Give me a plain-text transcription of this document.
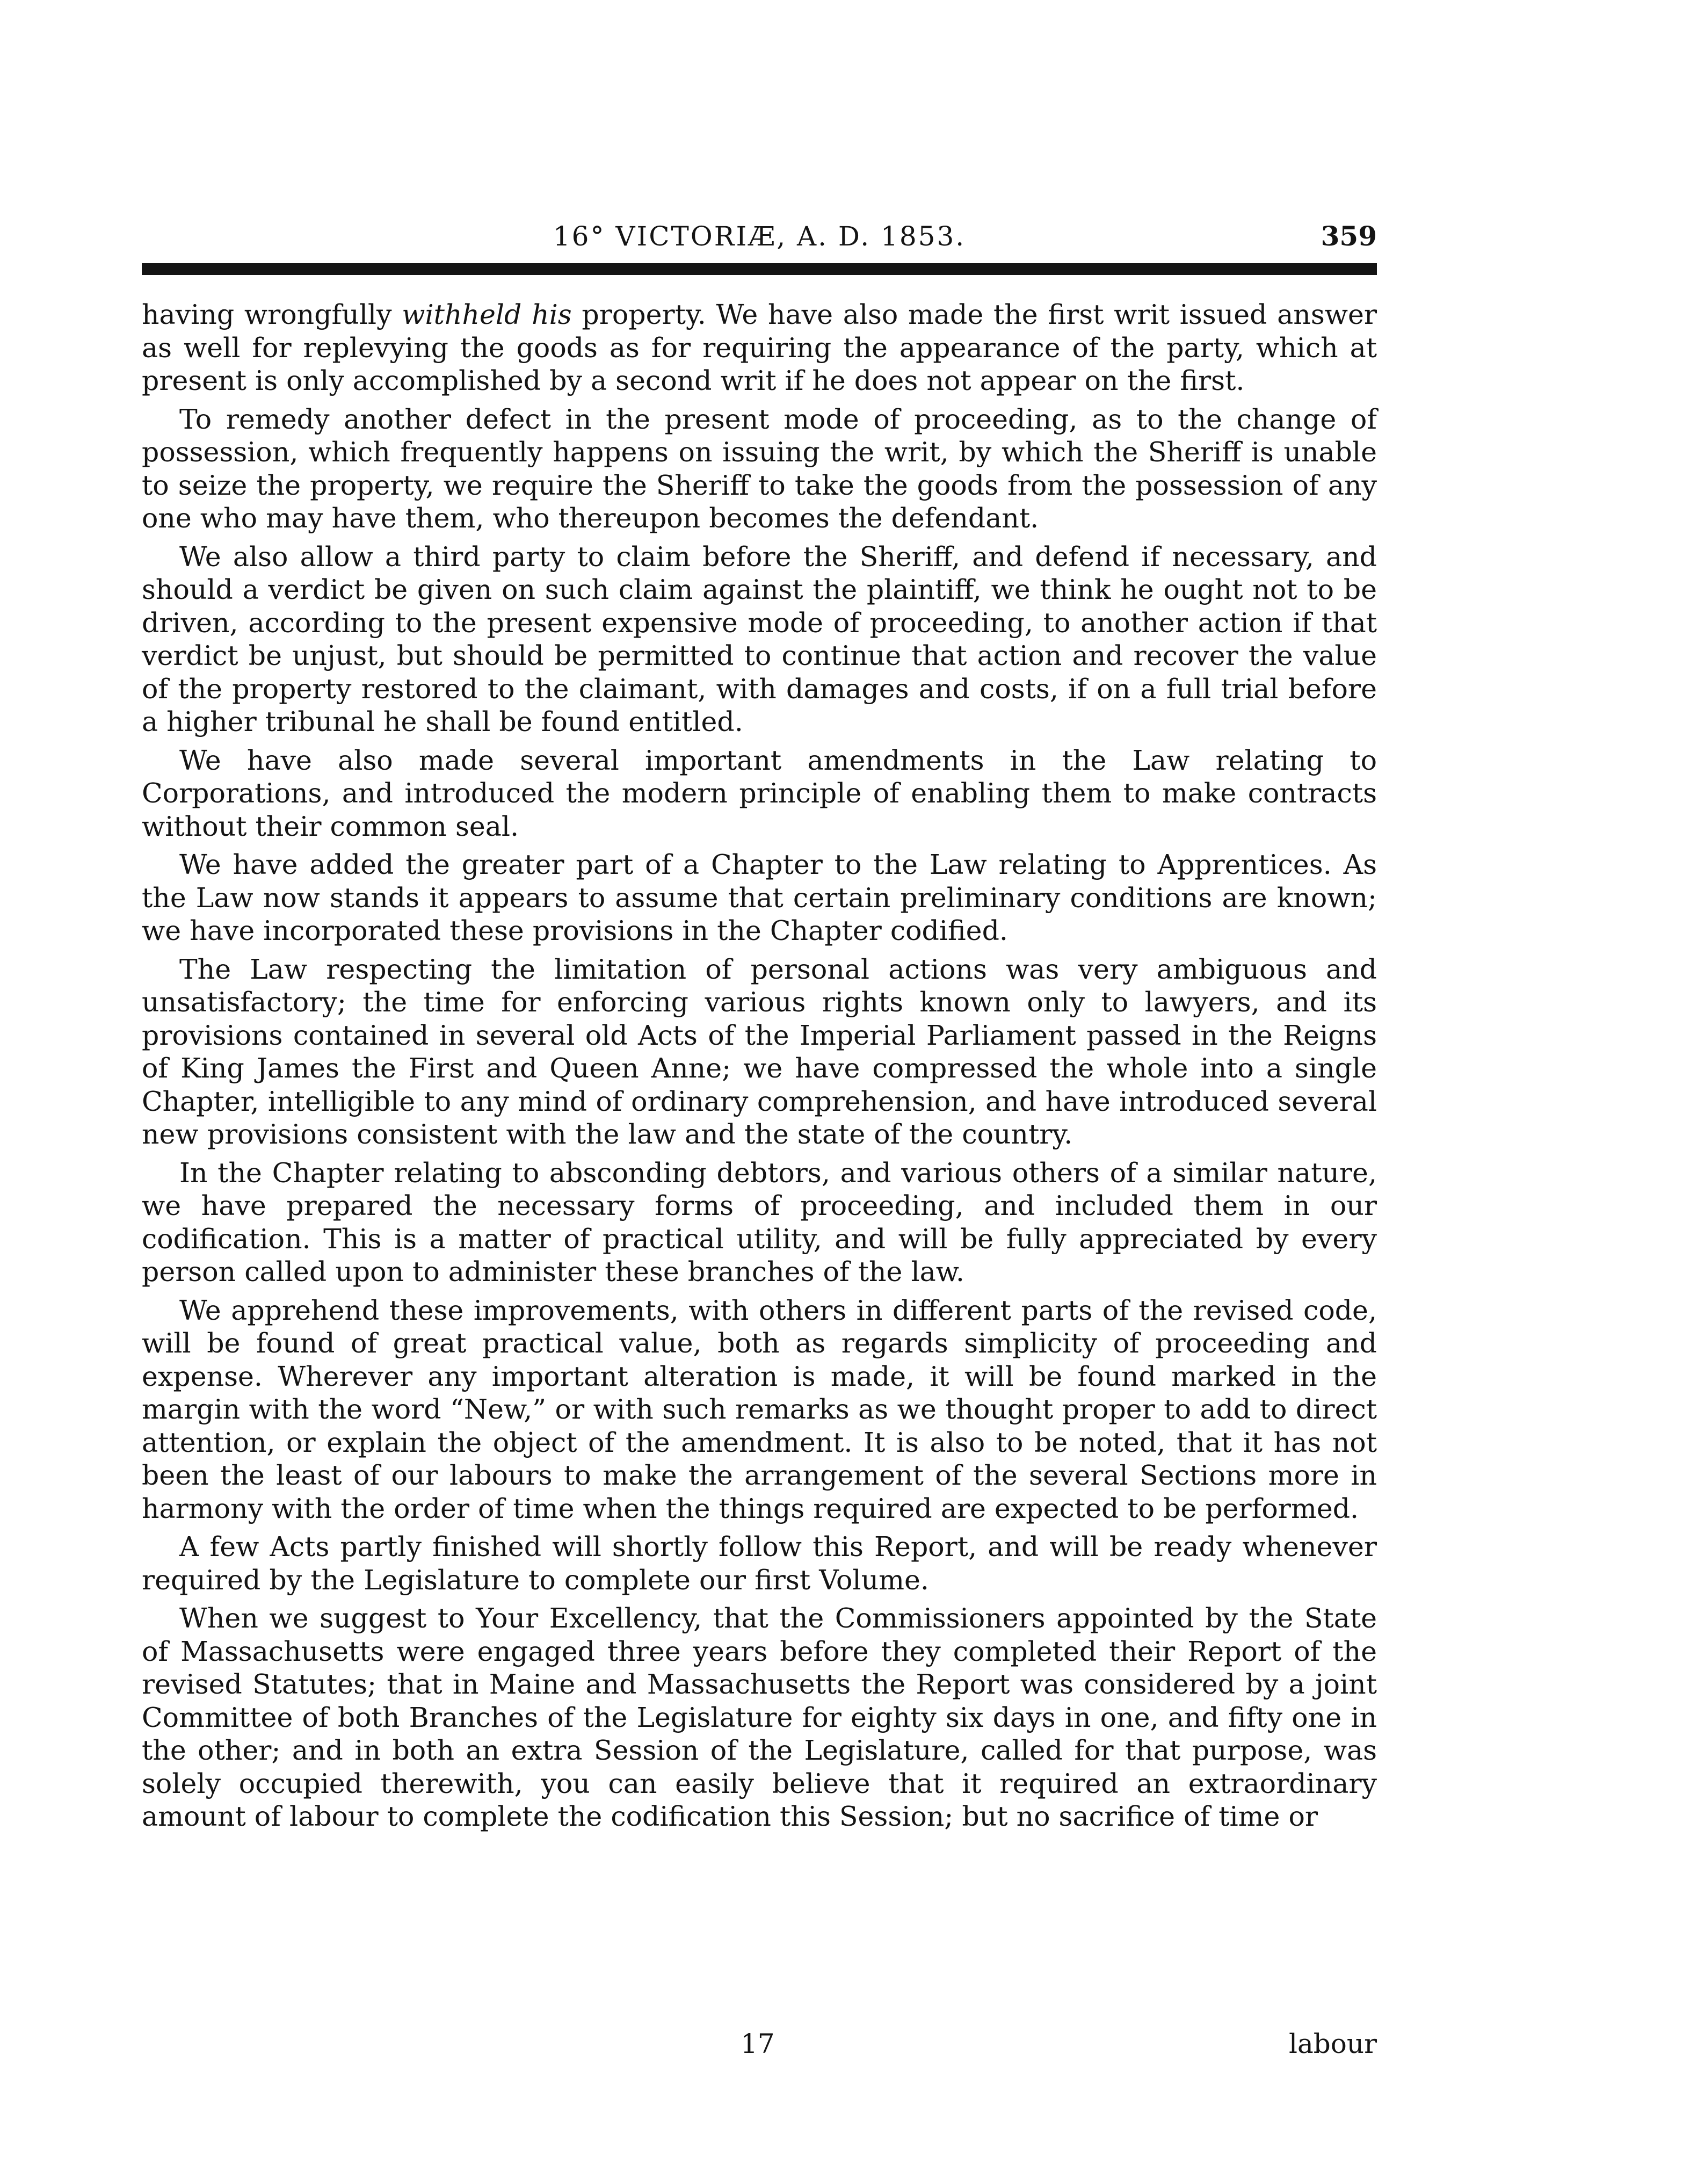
16° VICTORIÆ, A. D. 1853.	359

having wrongfully withheld his property. We have also made the first writ issued answer as well for replevying the goods as for requiring the appearance of the party, which at present is only accomplished by a second writ if he does not appear on the first.

To remedy another defect in the present mode of proceeding, as to the change of possession, which frequently happens on issuing the writ, by which the Sheriff is unable to seize the property, we require the Sheriff to take the goods from the possession of any one who may have them, who thereupon becomes the defendant.

We also allow a third party to claim before the Sheriff, and defend if necessary, and should a verdict be given on such claim against the plaintiff, we think he ought not to be driven, according to the present expensive mode of proceeding, to another action if that verdict be unjust, but should be permitted to continue that action and recover the value of the property restored to the claimant, with damages and costs, if on a full trial before a higher tribunal he shall be found entitled.

We have also made several important amendments in the Law relating to Corporations, and introduced the modern principle of enabling them to make contracts without their common seal.

We have added the greater part of a Chapter to the Law relating to Apprentices. As the Law now stands it appears to assume that certain preliminary conditions are known; we have incorporated these provisions in the Chapter codified.

The Law respecting the limitation of personal actions was very ambiguous and unsatisfactory; the time for enforcing various rights known only to lawyers, and its provisions contained in several old Acts of the Imperial Parliament passed in the Reigns of King James the First and Queen Anne; we have compressed the whole into a single Chapter, intelligible to any mind of ordinary comprehension, and have introduced several new provisions consistent with the law and the state of the country.

In the Chapter relating to absconding debtors, and various others of a similar nature, we have prepared the necessary forms of proceeding, and included them in our codification. This is a matter of practical utility, and will be fully appreciated by every person called upon to administer these branches of the law.

We apprehend these improvements, with others in different parts of the revised code, will be found of great practical value, both as regards simplicity of proceeding and expense. Wherever any important alteration is made, it will be found marked in the margin with the word “New,” or with such remarks as we thought proper to add to direct attention, or explain the object of the amendment. It is also to be noted, that it has not been the least of our labours to make the arrangement of the several Sections more in harmony with the order of time when the things required are expected to be performed.

A few Acts partly finished will shortly follow this Report, and will be ready whenever required by the Legislature to complete our first Volume.

When we suggest to Your Excellency, that the Commissioners appointed by the State of Massachusetts were engaged three years before they completed their Report of the revised Statutes; that in Maine and Massachusetts the Report was considered by a joint Committee of both Branches of the Legislature for eighty six days in one, and fifty one in the other; and in both an extra Session of the Legislature, called for that purpose, was solely occupied therewith, you can easily believe that it required an extraordinary amount of labour to complete the codification this Session; but no sacrifice of time or

17	labour
